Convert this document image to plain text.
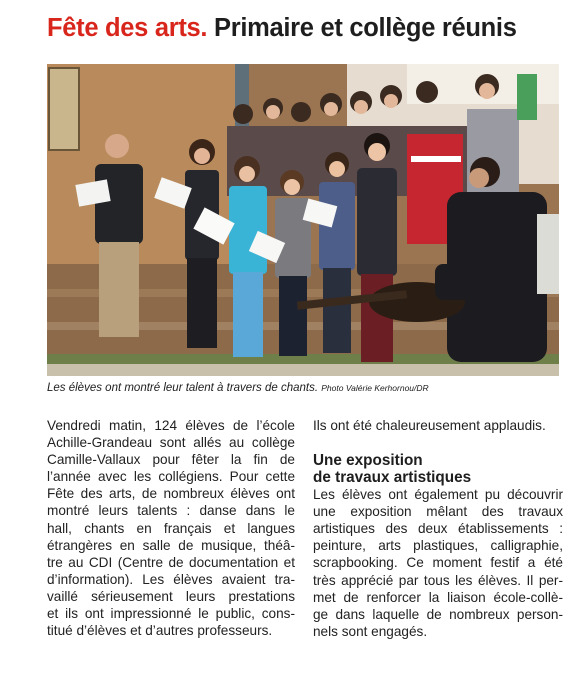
Fête des arts. Primaire et collège réunis
Les élèves ont montré leur talent à travers de chants. Photo Valérie Kerhornou/DR
Vendredi matin, 124 élèves de l’école
Achille-Grandeau sont allés au collège
Camille-Vallaux pour fêter la fin de
l’année avec les collégiens. Pour cette
Fête des arts, de nombreux élèves ont
montré leurs talents : danse dans le
hall, chants en français et langues
étrangères en salle de musique, théâ-
tre au CDI (Centre de documentation et
d’information). Les élèves avaient tra-
vaillé sérieusement leurs prestations
et ils ont impressionné le public, cons-
titué d’élèves et d’autres professeurs.
Ils ont été chaleureusement applaudis.
Une exposition
de travaux artistiques
Les élèves ont également pu découvrir
une exposition mêlant des travaux
artistiques des deux établissements :
peinture, arts plastiques, calligraphie,
scrapbooking. Ce moment festif a été
très apprécié par tous les élèves. Il per-
met de renforcer la liaison école-collè-
ge dans laquelle de nombreux person-
nels sont engagés.
